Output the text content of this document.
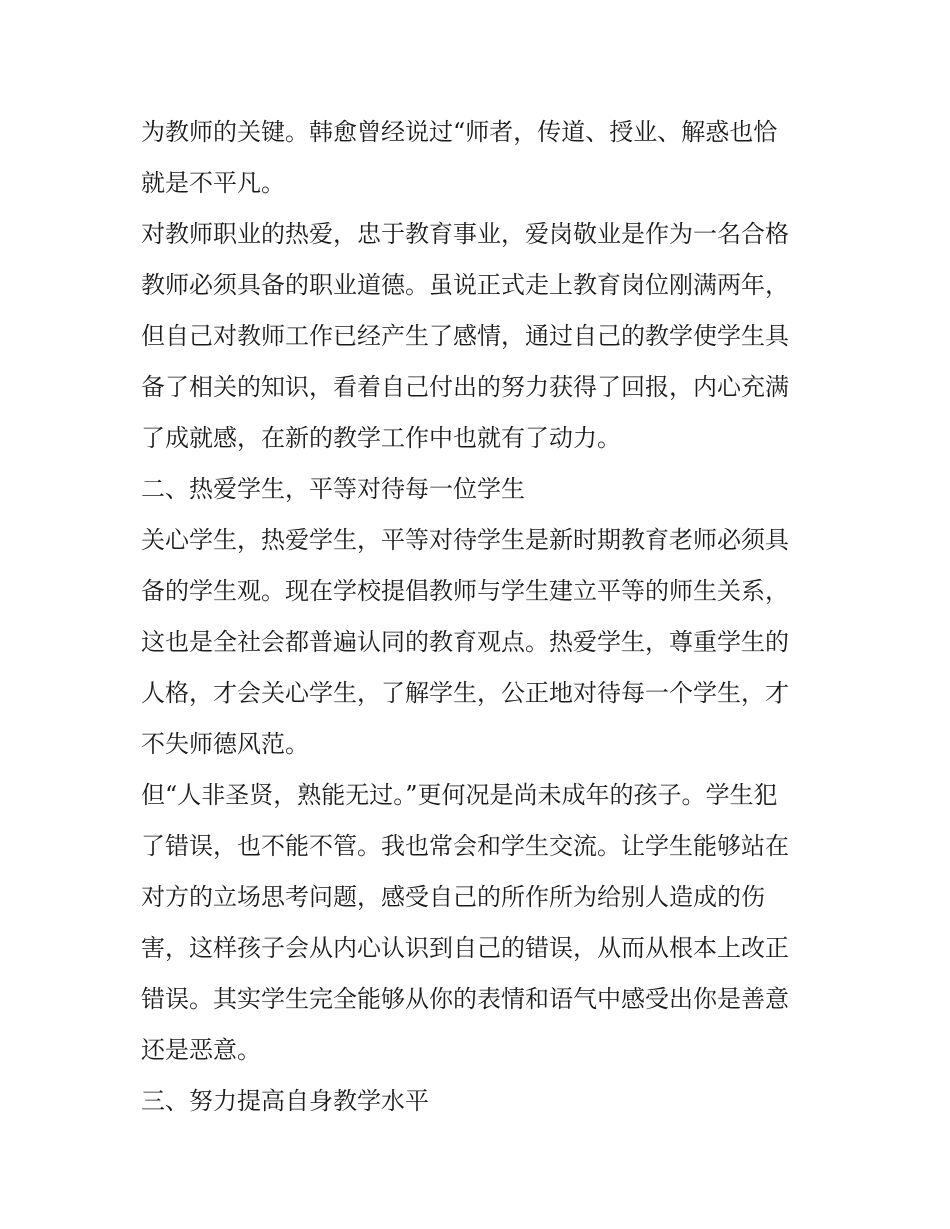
为教师的关键。韩愈曾经说过“师者，传道、授业、解惑也恰
就是不平凡。
对教师职业的热爱，忠于教育事业，爱岗敬业是作为一名合格
教师必须具备的职业道德。虽说正式走上教育岗位刚满两年，
但自己对教师工作已经产生了感情，通过自己的教学使学生具
备了相关的知识，看着自己付出的努力获得了回报，内心充满
了成就感，在新的教学工作中也就有了动力。
二、热爱学生，平等对待每一位学生
关心学生，热爱学生，平等对待学生是新时期教育老师必须具
备的学生观。现在学校提倡教师与学生建立平等的师生关系，
这也是全社会都普遍认同的教育观点。热爱学生，尊重学生的
人格，才会关心学生，了解学生，公正地对待每一个学生，才
不失师德风范。
但“人非圣贤，熟能无过。”更何况是尚未成年的孩子。学生犯
了错误，也不能不管。我也常会和学生交流。让学生能够站在
对方的立场思考问题，感受自己的所作所为给别人造成的伤
害，这样孩子会从内心认识到自己的错误，从而从根本上改正
错误。其实学生完全能够从你的表情和语气中感受出你是善意
还是恶意。
三、努力提高自身教学水平
